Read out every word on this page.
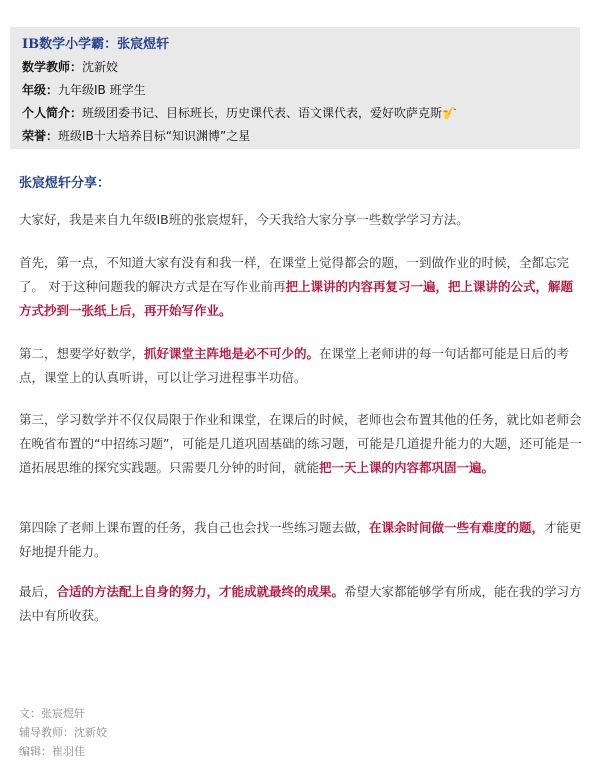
IB数学小学霸：张宸煜轩
数学教师：沈新姣
年级：九年级IB 班学生
个人简介：班级团委书记、目标班长，历史课代表、语文课代表，爱好吹萨克斯🎷
荣誉：班级IB十大培养目标“知识渊博”之星
张宸煜轩分享：
大家好，我是来自九年级IB班的张宸煜轩，今天我给大家分享一些数学学习方法。
首先，第一点，不知道大家有没有和我一样，在课堂上觉得都会的题，一到做作业的时候，全都忘完了。 对于这种问题我的解决方式是在写作业前再把上课讲的内容再复习一遍，把上课讲的公式，解题方式抄到一张纸上后，再开始写作业。
第二，想要学好数学，抓好课堂主阵地是必不可少的。在课堂上老师讲的每一句话都可能是日后的考点，课堂上的认真听讲，可以让学习进程事半功倍。
第三，学习数学并不仅仅局限于作业和课堂，在课后的时候，老师也会布置其他的任务，就比如老师会在晚省布置的“中招练习题”，可能是几道巩固基础的练习题，可能是几道提升能力的大题，还可能是一道拓展思维的探究实践题。只需要几分钟的时间，就能把一天上课的内容都巩固一遍。
第四除了老师上课布置的任务，我自己也会找一些练习题去做，在课余时间做一些有难度的题，才能更好地提升能力。
最后，合适的方法配上自身的努力，才能成就最终的成果。希望大家都能够学有所成，能在我的学习方法中有所收获。
文：张宸煜轩
辅导教师：沈新姣
编辑：崔羽佳
